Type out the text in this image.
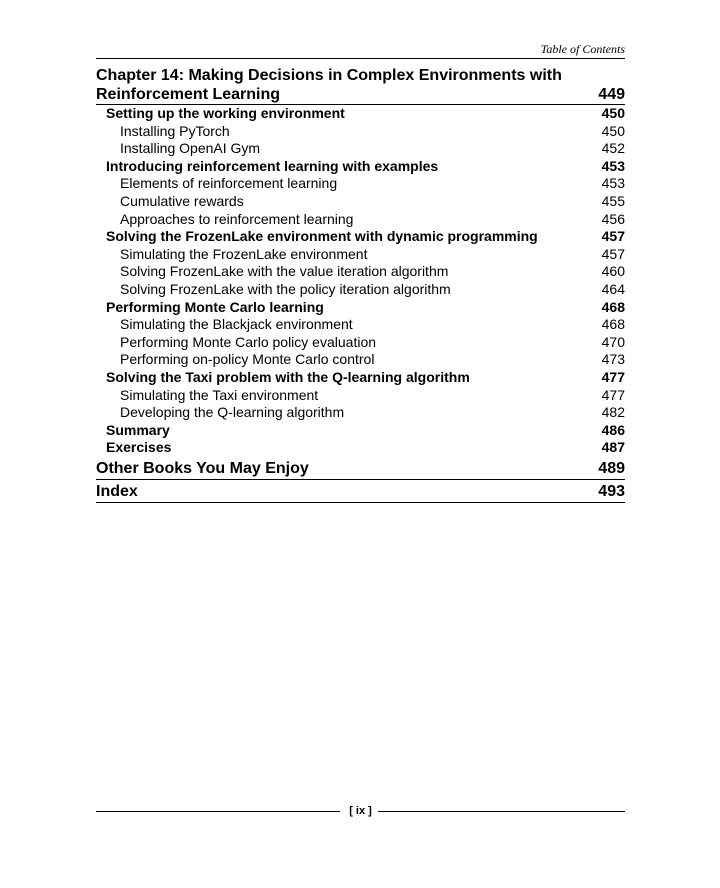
Table of Contents
Chapter 14: Making Decisions in Complex Environments with
Reinforcement Learning	449
Setting up the working environment	450
Installing PyTorch	450
Installing OpenAI Gym	452
Introducing reinforcement learning with examples	453
Elements of reinforcement learning	453
Cumulative rewards	455
Approaches to reinforcement learning	456
Solving the FrozenLake environment with dynamic programming	457
Simulating the FrozenLake environment	457
Solving FrozenLake with the value iteration algorithm	460
Solving FrozenLake with the policy iteration algorithm	464
Performing Monte Carlo learning	468
Simulating the Blackjack environment	468
Performing Monte Carlo policy evaluation	470
Performing on-policy Monte Carlo control	473
Solving the Taxi problem with the Q-learning algorithm	477
Simulating the Taxi environment	477
Developing the Q-learning algorithm	482
Summary	486
Exercises	487
Other Books You May Enjoy	489
Index	493
[ ix ]
